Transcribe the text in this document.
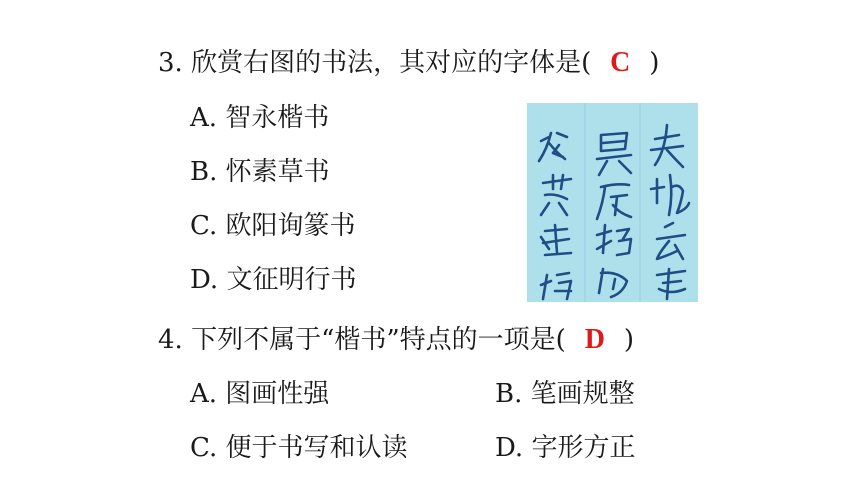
3. 欣赏右图的书法，其对应的字体是( C )
A. 智永楷书
B. 怀素草书
C. 欧阳询篆书
D. 文征明行书
4. 下列不属于“楷书”特点的一项是( D )
A. 图画性强	B. 笔画规整
C. 便于书写和认读	D. 字形方正
